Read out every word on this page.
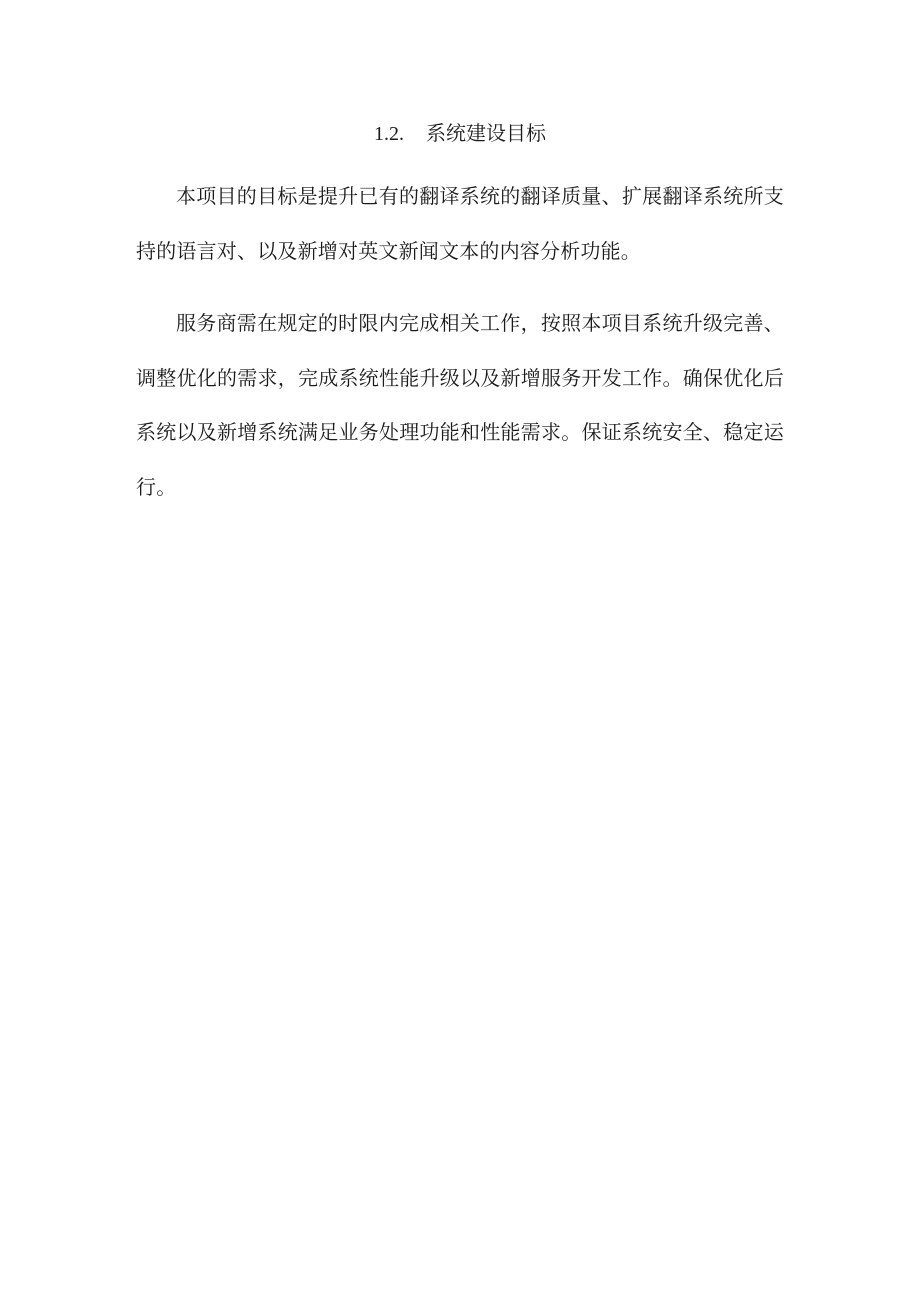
1.2. 系统建设目标

本项目的目标是提升已有的翻译系统的翻译质量、扩展翻译系统所支持的语言对、以及新增对英文新闻文本的内容分析功能。

服务商需在规定的时限内完成相关工作，按照本项目系统升级完善、调整优化的需求，完成系统性能升级以及新增服务开发工作。确保优化后系统以及新增系统满足业务处理功能和性能需求。保证系统安全、稳定运行。
